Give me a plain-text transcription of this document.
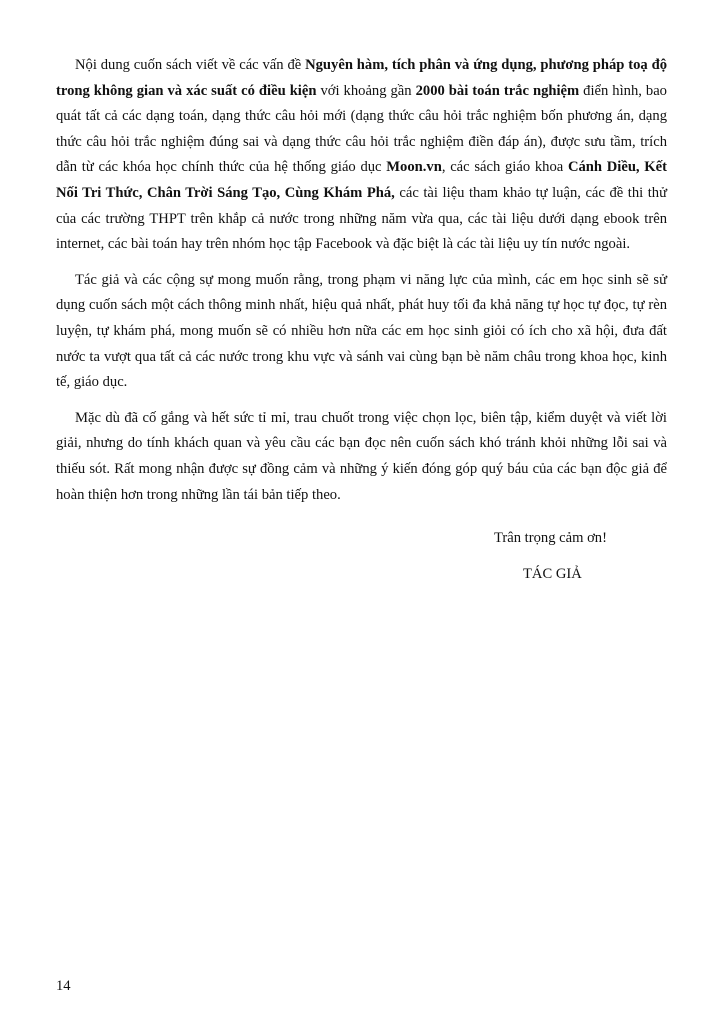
Nội dung cuốn sách viết về các vấn đề Nguyên hàm, tích phân và ứng dụng, phương pháp toạ độ trong không gian và xác suất có điều kiện với khoảng gần 2000 bài toán trắc nghiệm điển hình, bao quát tất cả các dạng toán, dạng thức câu hỏi mới (dạng thức câu hỏi trắc nghiệm bốn phương án, dạng thức câu hỏi trắc nghiệm đúng sai và dạng thức câu hỏi trắc nghiệm điền đáp án), được sưu tầm, trích dẫn từ các khóa học chính thức của hệ thống giáo dục Moon.vn, các sách giáo khoa Cánh Diều, Kết Nối Tri Thức, Chân Trời Sáng Tạo, Cùng Khám Phá, các tài liệu tham khảo tự luận, các đề thi thử của các trường THPT trên khắp cả nước trong những năm vừa qua, các tài liệu dưới dạng ebook trên internet, các bài toán hay trên nhóm học tập Facebook và đặc biệt là các tài liệu uy tín nước ngoài.

Tác giả và các cộng sự mong muốn rằng, trong phạm vi năng lực của mình, các em học sinh sẽ sử dụng cuốn sách một cách thông minh nhất, hiệu quả nhất, phát huy tối đa khả năng tự học tự đọc, tự rèn luyện, tự khám phá, mong muốn sẽ có nhiều hơn nữa các em học sinh giỏi có ích cho xã hội, đưa đất nước ta vượt qua tất cả các nước trong khu vực và sánh vai cùng bạn bè năm châu trong khoa học, kinh tế, giáo dục.

Mặc dù đã cố gắng và hết sức tỉ mỉ, trau chuốt trong việc chọn lọc, biên tập, kiểm duyệt và viết lời giải, nhưng do tính khách quan và yêu cầu các bạn đọc nên cuốn sách khó tránh khỏi những lỗi sai và thiếu sót. Rất mong nhận được sự đồng cảm và những ý kiến đóng góp quý báu của các bạn độc giả để hoàn thiện hơn trong những lần tái bản tiếp theo.

Trân trọng cảm ơn!
TÁC GIẢ
14
